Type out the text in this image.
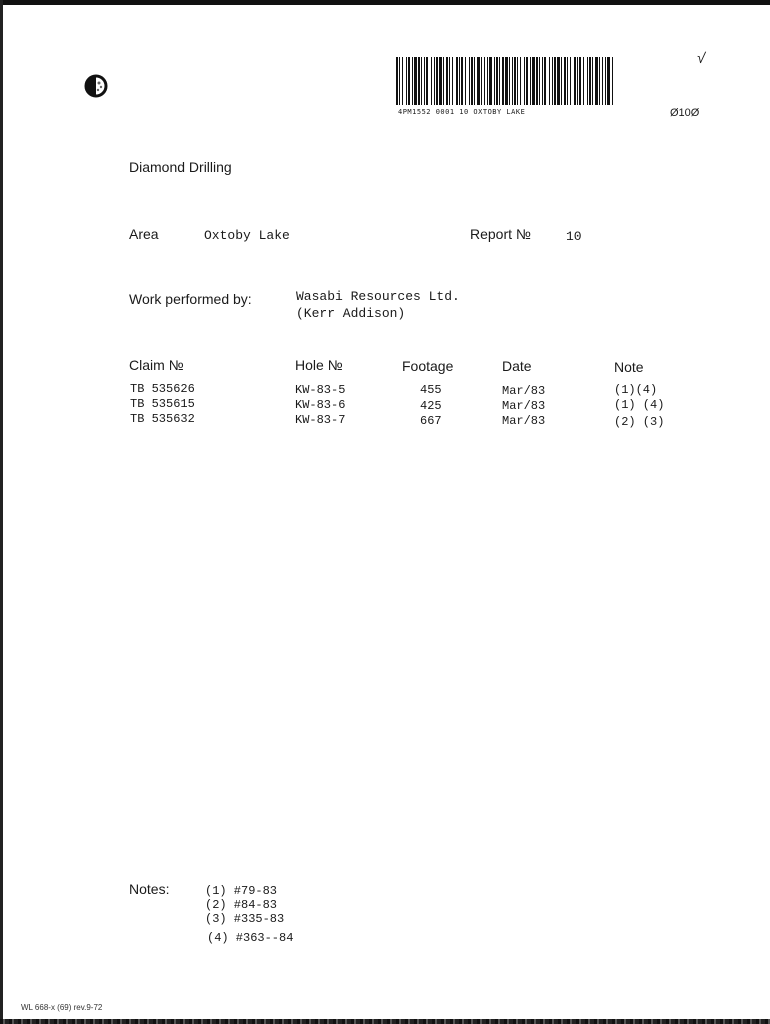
4PM1552 0001 10 OXTOBY LAKE	Ø10Ø
√
Diamond Drilling
Area	Oxtoby Lake	Report №	10
Work performed by:	Wasabi Resources Ltd.
(Kerr Addison)
Claim №	Hole №	Footage	Date	Note
TB 535626	KW-83-5	455	Mar/83	(1)(4)
TB 535615	KW-83-6	425	Mar/83	(1) (4)
TB 535632	KW-83-7	667	Mar/83	(2) (3)
Notes:	(1) #79-83
(2) #84-83
(3) #335-83
(4) #363--84
WL 668-x (69) rev.9-72
